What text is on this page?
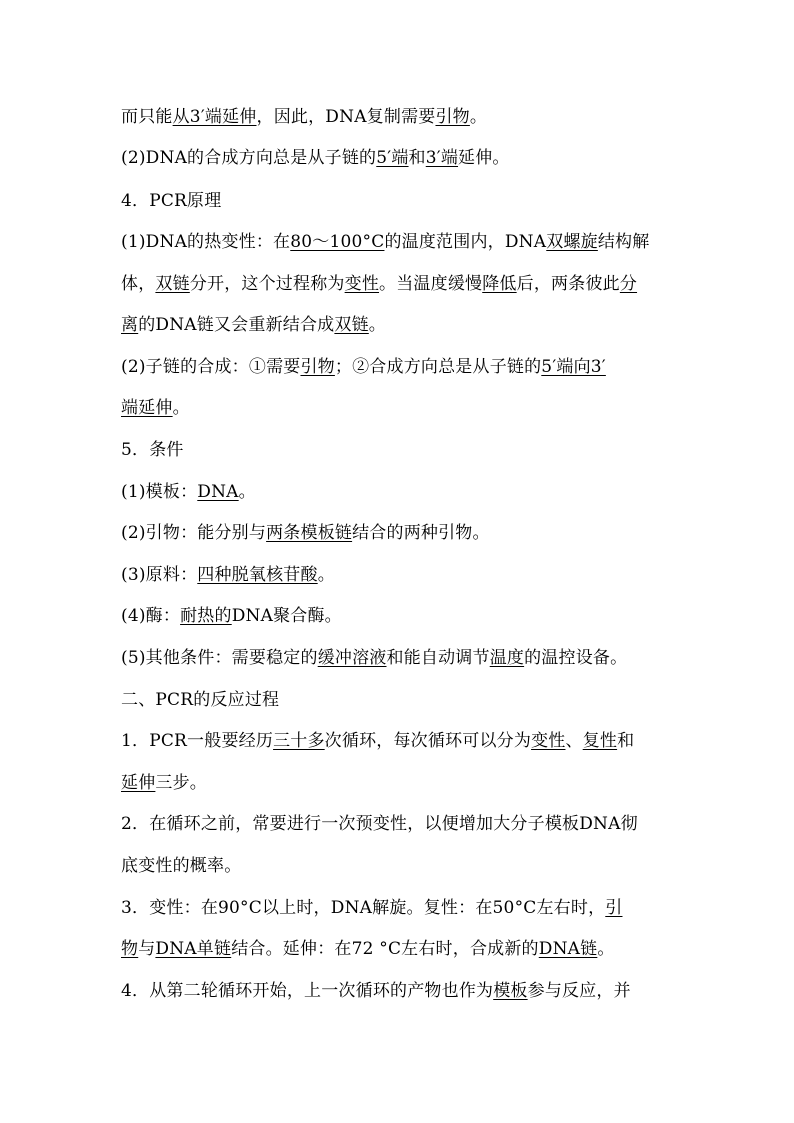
而只能从3′端延伸，因此，DNA复制需要引物。
(2)DNA的合成方向总是从子链的5′端和3′端延伸。
4．PCR原理
(1)DNA的热变性：在80～100°C的温度范围内，DNA双螺旋结构解
体，双链分开，这个过程称为变性。当温度缓慢降低后，两条彼此分
离的DNA链又会重新结合成双链。
(2)子链的合成：①需要引物；②合成方向总是从子链的5′端向3′
端延伸。
5．条件
(1)模板：DNA。
(2)引物：能分别与两条模板链结合的两种引物。
(3)原料：四种脱氧核苷酸。
(4)酶：耐热的DNA聚合酶。
(5)其他条件：需要稳定的缓冲溶液和能自动调节温度的温控设备。
二、PCR的反应过程
1．PCR一般要经历三十多次循环，每次循环可以分为变性、复性和
延伸三步。
2．在循环之前，常要进行一次预变性，以便增加大分子模板DNA彻
底变性的概率。
3．变性：在90°C以上时，DNA解旋。复性：在50°C左右时，引
物与DNA单链结合。延伸：在72 °C左右时，合成新的DNA链。
4．从第二轮循环开始，上一次循环的产物也作为模板参与反应，并
